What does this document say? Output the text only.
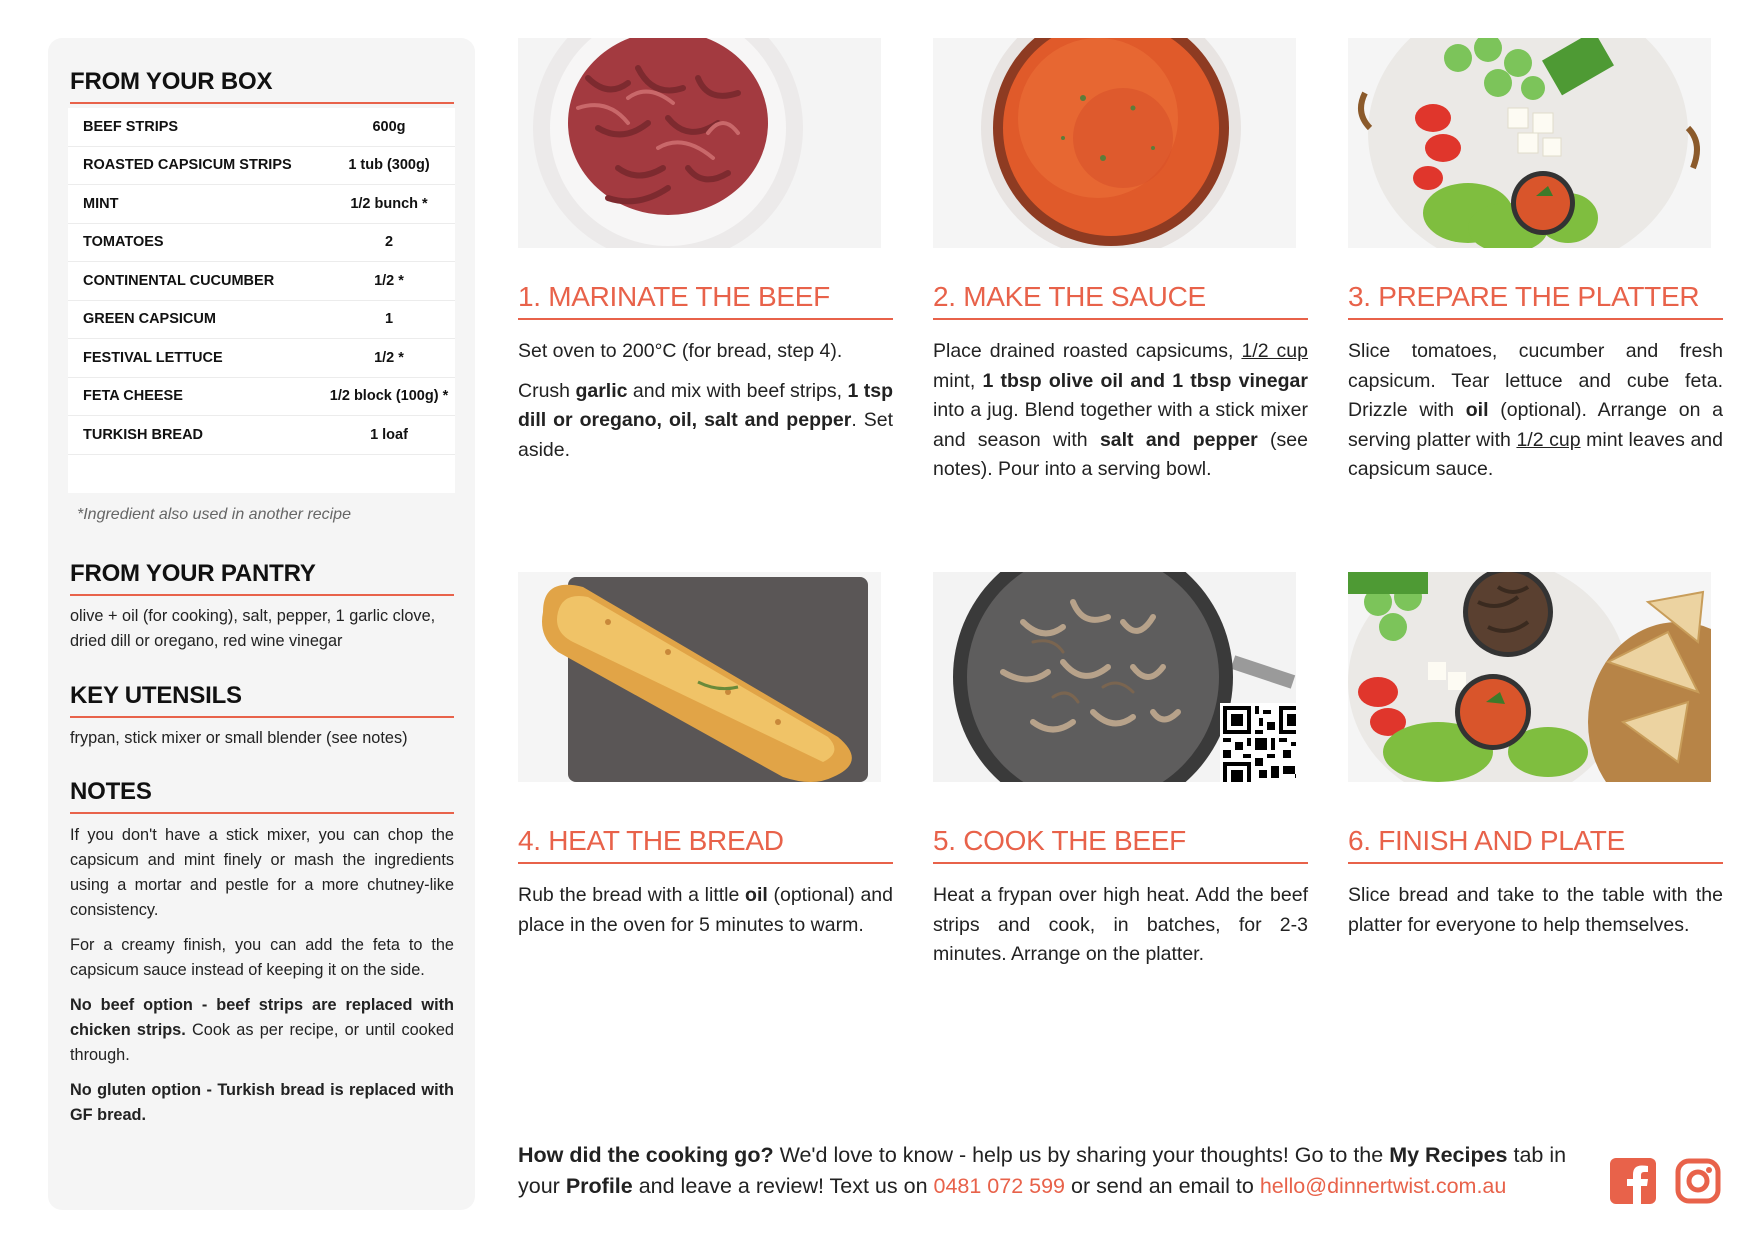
FROM YOUR BOX
BEEF STRIPS	600g
ROASTED CAPSICUM STRIPS	1 tub (300g)
MINT	1/2 bunch *
TOMATOES	2
CONTINENTAL CUCUMBER	1/2 *
GREEN CAPSICUM	1
FESTIVAL LETTUCE	1/2 *
FETA CHEESE	1/2 block (100g) *
TURKISH BREAD	1 loaf
*Ingredient also used in another recipe
FROM YOUR PANTRY
olive + oil (for cooking), salt, pepper, 1 garlic clove, dried dill or oregano, red wine vinegar
KEY UTENSILS
frypan, stick mixer or small blender (see notes)
NOTES

If you don't have a stick mixer, you can chop the capsicum and mint finely or mash the ingredients using a mortar and pestle for a more chutney-like consistency.

For a creamy finish, you can add the feta to the capsicum sauce instead of keeping it on the side.

No beef option - beef strips are replaced with chicken strips. Cook as per recipe, or until cooked through.

No gluten option - Turkish bread is replaced with GF bread.

1. MARINATE THE BEEF

Set oven to 200°C (for bread, step 4).

Crush garlic and mix with beef strips, 1 tsp dill or oregano, oil, salt and pepper. Set aside.

2. MAKE THE SAUCE

Place drained roasted capsicums, 1/2 cup mint, 1 tbsp olive oil and 1 tbsp vinegar into a jug. Blend together with a stick mixer and season with salt and pepper (see notes). Pour into a serving bowl.

3. PREPARE THE PLATTER

Slice tomatoes, cucumber and fresh capsicum. Tear lettuce and cube feta. Drizzle with oil (optional). Arrange on a serving platter with 1/2 cup mint leaves and capsicum sauce.

4. HEAT THE BREAD

Rub the bread with a little oil (optional) and place in the oven for 5 minutes to warm.

5. COOK THE BEEF

Heat a frypan over high heat. Add the beef strips and cook, in batches, for 2-3 minutes. Arrange on the platter.

6. FINISH AND PLATE

Slice bread and take to the table with the platter for everyone to help themselves.

How did the cooking go? We'd love to know - help us by sharing your thoughts! Go to the My Recipes tab in your Profile and leave a review! Text us on 0481 072 599 or send an email to hello@dinnertwist.com.au
